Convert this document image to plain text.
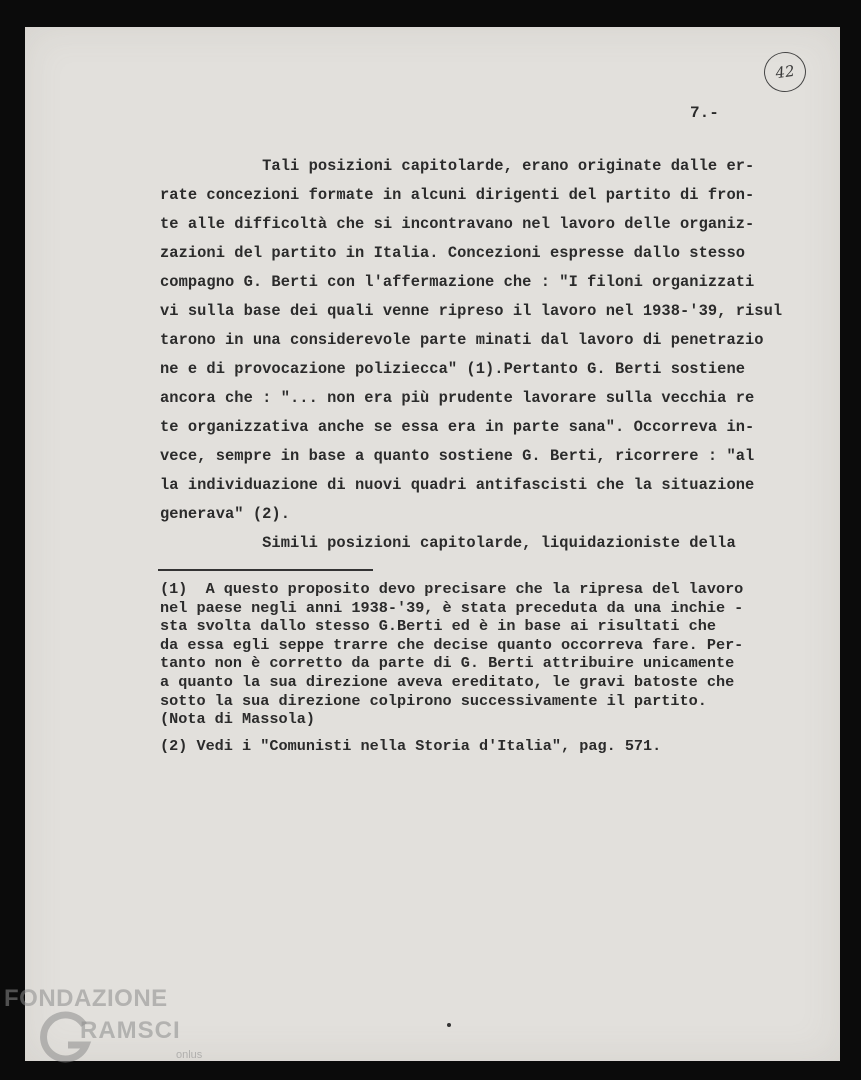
42
7.-
Tali posizioni capitolarde, erano originate dalle er-
rate concezioni formate in alcuni dirigenti del partito di fron-
te alle difficoltà che si incontravano nel lavoro delle organiz-
zazioni del partito in Italia. Concezioni espresse dallo stesso
compagno G. Berti con l'affermazione che : "I filoni organizzati
vi sulla base dei quali venne ripreso il lavoro nel 1938-'39, risul
tarono in una considerevole parte minati dal lavoro di penetrazio
ne e di provocazione poliziecca" (1).Pertanto G. Berti sostiene
ancora che : "... non era più prudente lavorare sulla vecchia re
te organizzativa anche se essa era in parte sana". Occorreva in-
vece, sempre in base a quanto sostiene G. Berti, ricorrere : "al
la individuazione di nuovi quadri antifascisti che la situazione
generava" (2).
Simili posizioni capitolarde, liquidazioniste della
(1)  A questo proposito devo precisare che la ripresa del lavoro
nel paese negli anni 1938-'39, è stata preceduta da una inchie -
sta svolta dallo stesso G.Berti ed è in base ai risultati che
da essa egli seppe trarre che decise quanto occorreva fare. Per-
tanto non è corretto da parte di G. Berti attribuire unicamente
a quanto la sua direzione aveva ereditato, le gravi batoste che
sotto la sua direzione colpirono successivamente il partito.
(Nota di Massola)
(2) Vedi i "Comunisti nella Storia d'Italia", pag. 571.
FONDAZIONE
RAMSCI
onlus
